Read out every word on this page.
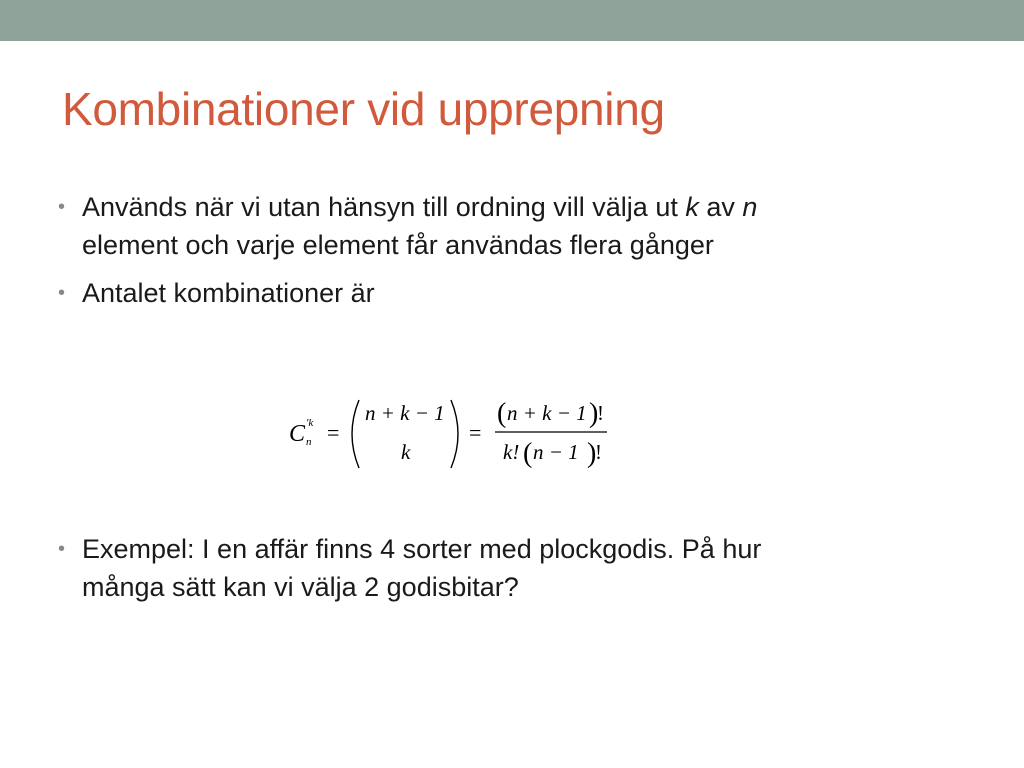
Kombinationer vid upprepning
• Används när vi utan hänsyn till ordning vill välja ut k av n
element och varje element får användas flera gånger
• Antalet kombinationer är
• Exempel: I en affär finns 4 sorter med plockgodis. På hur
många sätt kan vi välja 2 godisbitar?
C 'k
n =
n + k − 1
k
=
( n + k − 1 )
!
k! ( n − 1 )
!
